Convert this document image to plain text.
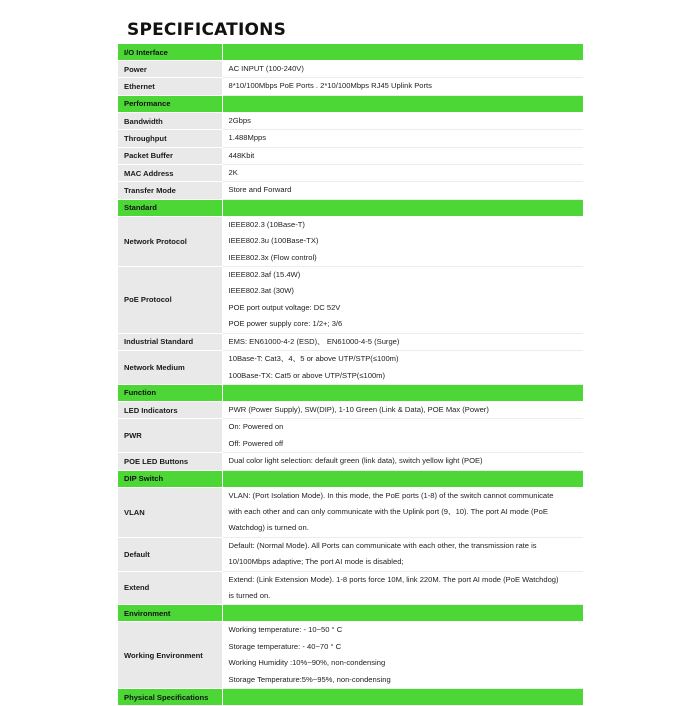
SPECIFICATIONS
I/O Interface	
Power	AC INPUT (100-240V)

Ethernet	8*10/100Mbps PoE Ports . 2*10/100Mbps RJ45 Uplink Ports

Performance	
Bandwidth	2Gbps

Throughput	1.488Mpps

Packet Buffer	448Kbit

MAC Address	2K

Transfer Mode	Store and Forward

Standard	
Network Protocol	IEEE802.3 (10Base-T)
IEEE802.3u (100Base-TX)
IEEE802.3x (Flow control)

PoE Protocol	IEEE802.3af (15.4W)
IEEE802.3at (30W)
POE port output voltage: DC 52V
POE power supply core: 1/2+; 3/6

Industrial Standard	EMS: EN61000-4-2 (ESD)、 EN61000-4-5 (Surge)

Network Medium	10Base-T: Cat3、4、5 or above UTP/STP(≤100m)
100Base-TX: Cat5 or above UTP/STP(≤100m)

Function	
LED Indicators	PWR (Power Supply), SW(DIP), 1-10 Green (Link & Data), POE Max (Power)

PWR	On: Powered on
Off: Powered off

POE LED Buttons	Dual color light selection: default green (link data), switch yellow light (POE)

DIP Switch	
VLAN	VLAN: (Port Isolation Mode). In this mode, the PoE ports (1-8) of the switch cannot communicate
with each other and can only communicate with the Uplink port (9、10). The port AI mode (PoE
Watchdog) is turned on.

Default	Default: (Normal Mode). All Ports can communicate with each other, the transmission rate is
10/100Mbps adaptive; The port AI mode is disabled;

Extend	Extend: (Link Extension Mode). 1-8 ports force 10M, link 220M. The port AI mode (PoE Watchdog)
is turned on.

Environment	
Working Environment	Working temperature: - 10~50 ° C
Storage temperature: - 40~70 ° C
Working Humidity :10%~90%, non-condensing
Storage Temperature:5%~95%, non-condensing

Physical Specifications	
